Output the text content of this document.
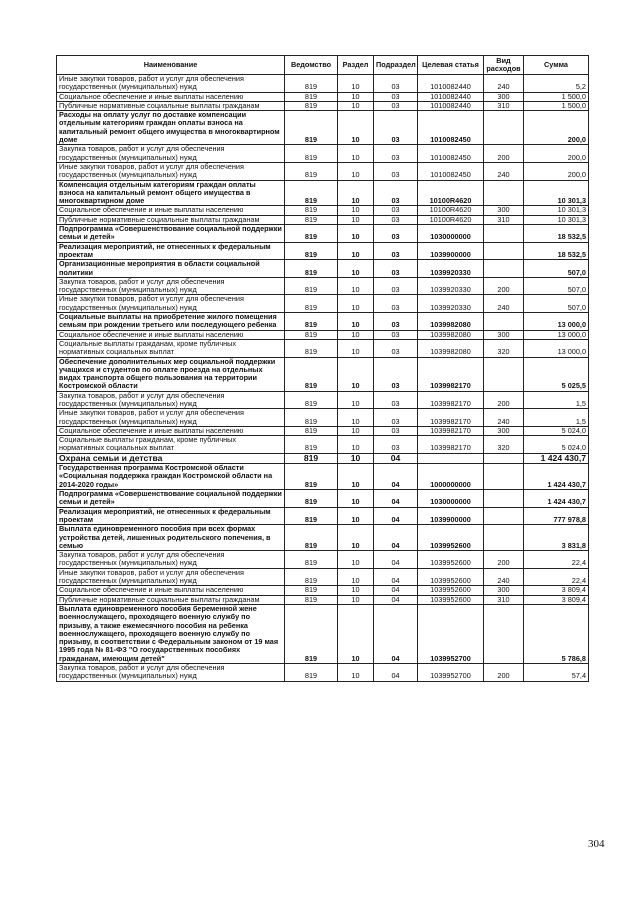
Наименование	Ведомство	Раздел	Подраздел	Целевая статья	Вид расходов	Сумма
Иные закупки товаров, работ и услуг для обеспечения государственных (муниципальных) нужд	819	10	03	1010082440	240	5,2
Социальное обеспечение и иные выплаты населению	819	10	03	1010082440	300	1 500,0
Публичные нормативные социальные выплаты гражданам	819	10	03	1010082440	310	1 500,0
Расходы на оплату услуг по доставке компенсации отдельным категориям граждан оплаты взноса на капитальный ремонт общего имущества в многоквартирном доме	819	10	03	1010082450		200,0
Закупка товаров, работ и услуг для обеспечения государственных (муниципальных) нужд	819	10	03	1010082450	200	200,0
Иные закупки товаров, работ и услуг для обеспечения государственных (муниципальных) нужд	819	10	03	1010082450	240	200,0
Компенсация отдельным категориям граждан оплаты взноса на капитальный ремонт общего имущества в многоквартирном доме	819	10	03	10100R4620		10 301,3
Социальное обеспечение и иные выплаты населению	819	10	03	10100R4620	300	10 301,3
Публичные нормативные социальные выплаты гражданам	819	10	03	10100R4620	310	10 301,3
Подпрограмма «Совершенствование социальной поддержки семьи и детей»	819	10	03	1030000000		18 532,5
Реализация мероприятий, не отнесенных к федеральным проектам	819	10	03	1039900000		18 532,5
Организационные мероприятия в области социальной политики	819	10	03	1039920330		507,0
Закупка товаров, работ и услуг для обеспечения государственных (муниципальных) нужд	819	10	03	1039920330	200	507,0
Иные закупки товаров, работ и услуг для обеспечения государственных (муниципальных) нужд	819	10	03	1039920330	240	507,0
Социальные выплаты на приобретение жилого помещения семьям при рождении третьего или последующего ребенка	819	10	03	1039982080		13 000,0
Социальное обеспечение и иные выплаты населению	819	10	03	1039982080	300	13 000,0
Социальные выплаты гражданам, кроме публичных нормативных социальных выплат	819	10	03	1039982080	320	13 000,0
Обеспечение дополнительных мер социальной поддержки учащихся и студентов по оплате проезда на отдельных видах транспорта общего пользования на территории Костромской области	819	10	03	1039982170		5 025,5
Закупка товаров, работ и услуг для обеспечения государственных (муниципальных) нужд	819	10	03	1039982170	200	1,5
Иные закупки товаров, работ и услуг для обеспечения государственных (муниципальных) нужд	819	10	03	1039982170	240	1,5
Социальное обеспечение и иные выплаты населению	819	10	03	1039982170	300	5 024,0
Социальные выплаты гражданам, кроме публичных нормативных социальных выплат	819	10	03	1039982170	320	5 024,0
Охрана семьи и детства	819	10	04			1 424 430,7
Государственная программа Костромской области «Социальная поддержка граждан Костромской области на 2014-2020 годы»	819	10	04	1000000000		1 424 430,7
Подпрограмма «Совершенствование социальной поддержки семьи и детей»	819	10	04	1030000000		1 424 430,7
Реализация мероприятий, не отнесенных к федеральным проектам	819	10	04	1039900000		777 978,8
Выплата единовременного пособия при всех формах устройства детей, лишенных родительского попечения, в семью	819	10	04	1039952600		3 831,8
Закупка товаров, работ и услуг для обеспечения государственных (муниципальных) нужд	819	10	04	1039952600	200	22,4
Иные закупки товаров, работ и услуг для обеспечения государственных (муниципальных) нужд	819	10	04	1039952600	240	22,4
Социальное обеспечение и иные выплаты населению	819	10	04	1039952600	300	3 809,4
Публичные нормативные социальные выплаты гражданам	819	10	04	1039952600	310	3 809,4
Выплата единовременного пособия беременной жене военнослужащего, проходящего военную службу по призыву, а также ежемесячного пособия на ребенка военнослужащего, проходящего военную службу по призыву, в соответствии с Федеральным законом от 19 мая 1995 года № 81-ФЗ "О государственных пособиях гражданам, имеющим детей"	819	10	04	1039952700		5 786,8
Закупка товаров, работ и услуг для обеспечения государственных (муниципальных) нужд	819	10	04	1039952700	200	57,4
304
